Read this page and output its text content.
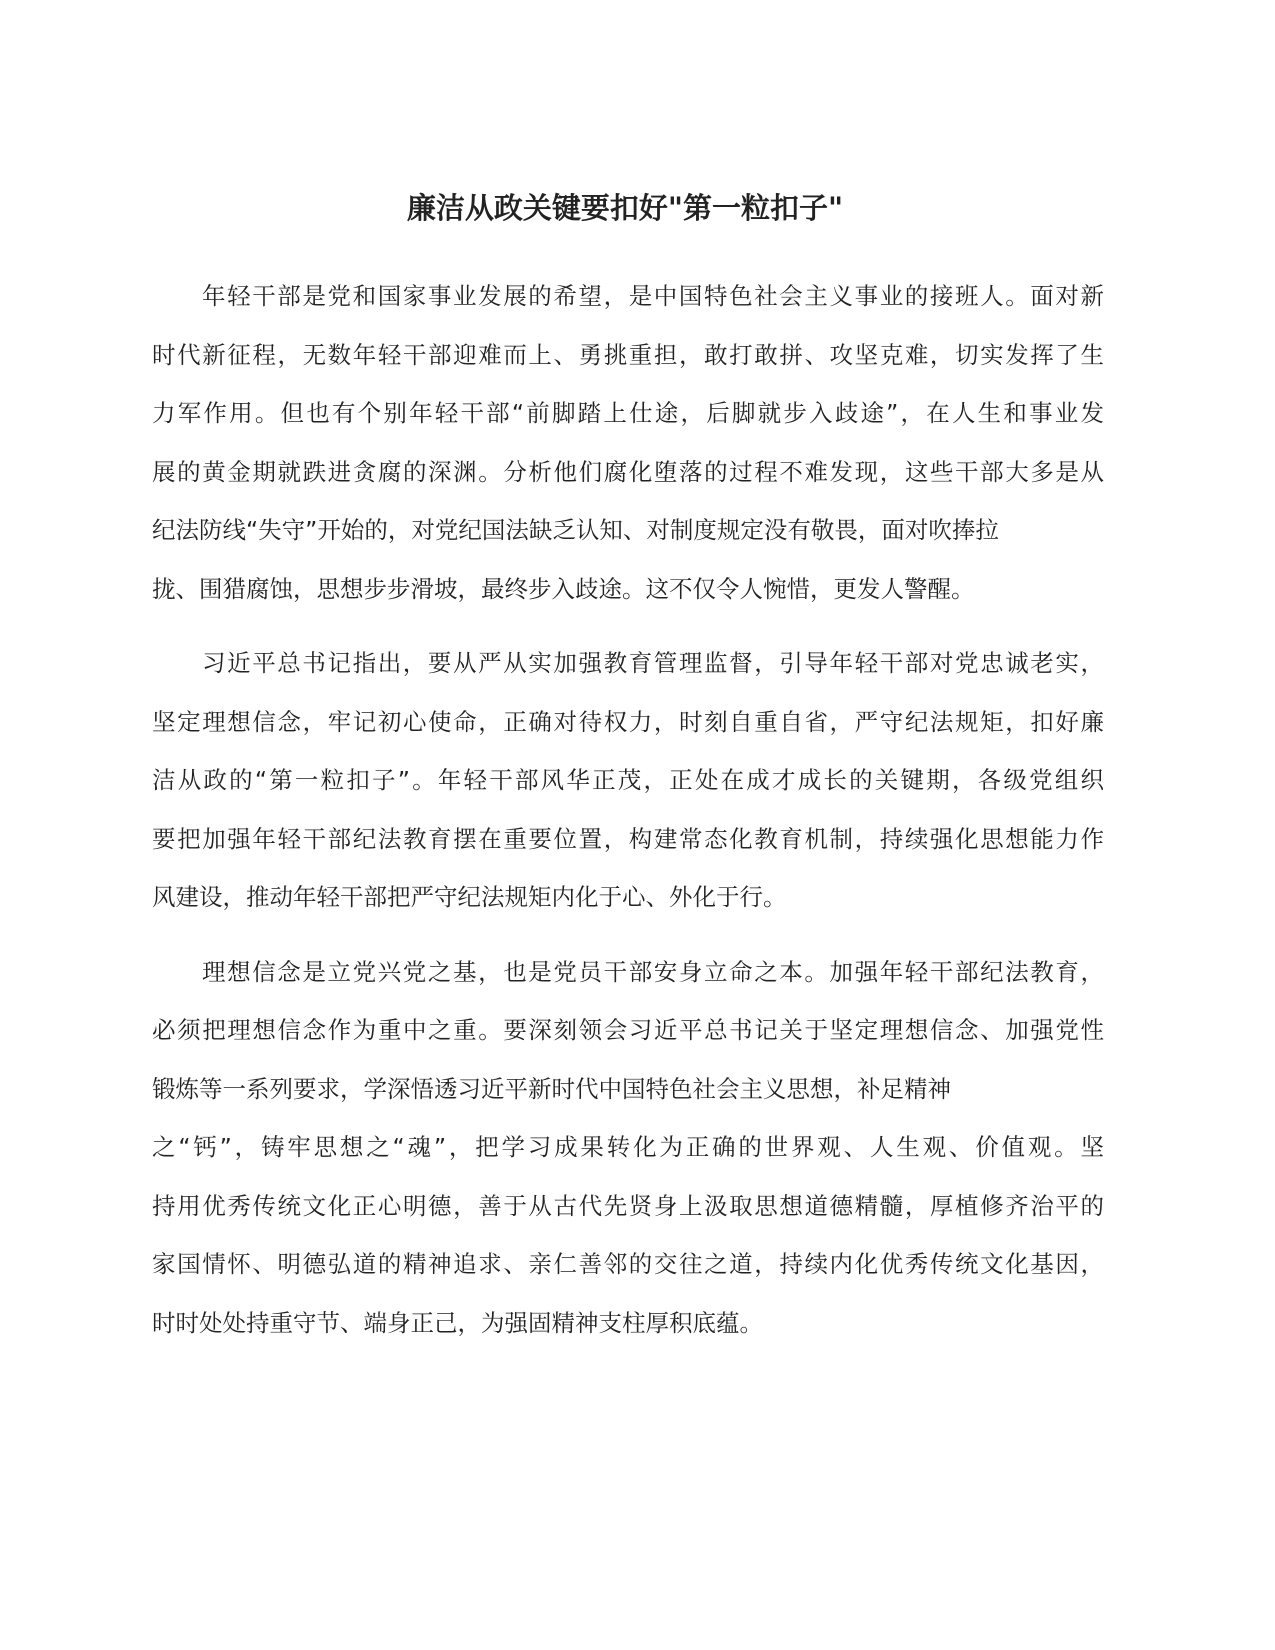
廉洁从政关键要扣好"第一粒扣子"

年轻干部是党和国家事业发展的希望，是中国特色社会主义事业的接班人。面对新
时代新征程，无数年轻干部迎难而上、勇挑重担，敢打敢拼、攻坚克难，切实发挥了生
力军作用。但也有个别年轻干部“前脚踏上仕途，后脚就步入歧途”，在人生和事业发
展的黄金期就跌进贪腐的深渊。分析他们腐化堕落的过程不难发现，这些干部大多是从
纪法防线“失守”开始的，对党纪国法缺乏认知、对制度规定没有敬畏，面对吹捧拉
拢、围猎腐蚀，思想步步滑坡，最终步入歧途。这不仅令人惋惜，更发人警醒。

习近平总书记指出，要从严从实加强教育管理监督，引导年轻干部对党忠诚老实，
坚定理想信念，牢记初心使命，正确对待权力，时刻自重自省，严守纪法规矩，扣好廉
洁从政的“第一粒扣子”。年轻干部风华正茂，正处在成才成长的关键期，各级党组织
要把加强年轻干部纪法教育摆在重要位置，构建常态化教育机制，持续强化思想能力作
风建设，推动年轻干部把严守纪法规矩内化于心、外化于行。

理想信念是立党兴党之基，也是党员干部安身立命之本。加强年轻干部纪法教育，
必须把理想信念作为重中之重。要深刻领会习近平总书记关于坚定理想信念、加强党性
锻炼等一系列要求，学深悟透习近平新时代中国特色社会主义思想，补足精神
之“钙”，铸牢思想之“魂”，把学习成果转化为正确的世界观、人生观、价值观。坚
持用优秀传统文化正心明德，善于从古代先贤身上汲取思想道德精髓，厚植修齐治平的
家国情怀、明德弘道的精神追求、亲仁善邻的交往之道，持续内化优秀传统文化基因，
时时处处持重守节、端身正己，为强固精神支柱厚积底蕴。
